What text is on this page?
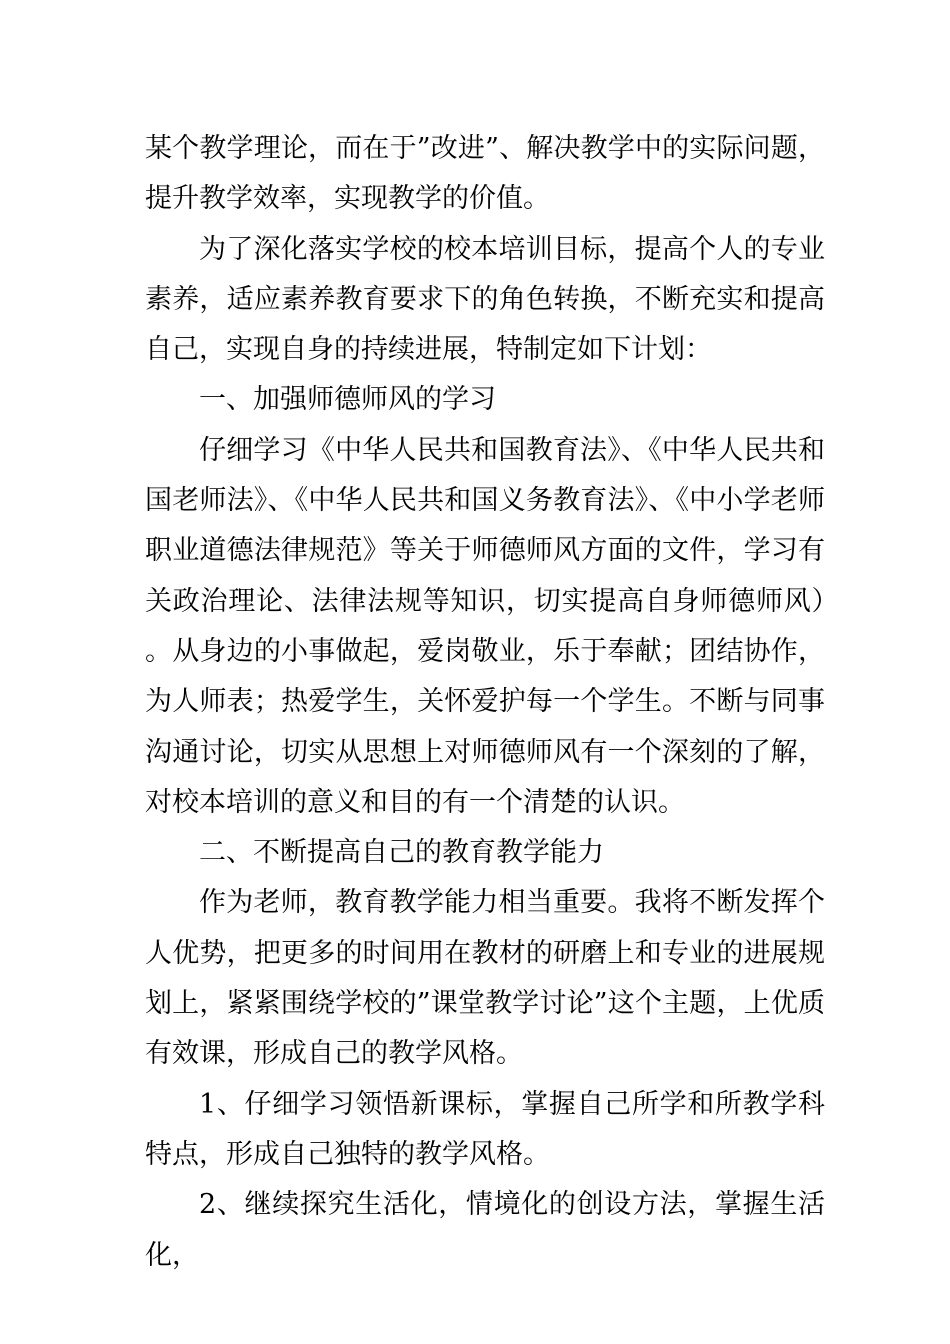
某个教学理论，而在于”改进”、解决教学中的实际问题，提升教学效率，实现教学的价值。

为了深化落实学校的校本培训目标，提高个人的专业素养，适应素养教育要求下的角色转换，不断充实和提高自己，实现自身的持续进展，特制定如下计划：

一、加强师德师风的学习

仔细学习《中华人民共和国教育法》、《中华人民共和国老师法》、《中华人民共和国义务教育法》、《中小学老师职业道德法律规范》等关于师德师风方面的文件，学习有关政治理论、法律法规等知识，切实提高自身师德师风）。从身边的小事做起，爱岗敬业，乐于奉献；团结协作，为人师表；热爱学生，关怀爱护每一个学生。不断与同事沟通讨论，切实从思想上对师德师风有一个深刻的了解，对校本培训的意义和目的有一个清楚的认识。

二、不断提高自己的教育教学能力

作为老师，教育教学能力相当重要。我将不断发挥个人优势，把更多的时间用在教材的研磨上和专业的进展规划上，紧紧围绕学校的”课堂教学讨论”这个主题，上优质有效课，形成自己的教学风格。

1、仔细学习领悟新课标，掌握自己所学和所教学科特点，形成自己独特的教学风格。

2、继续探究生活化，情境化的创设方法，掌握生活化，
